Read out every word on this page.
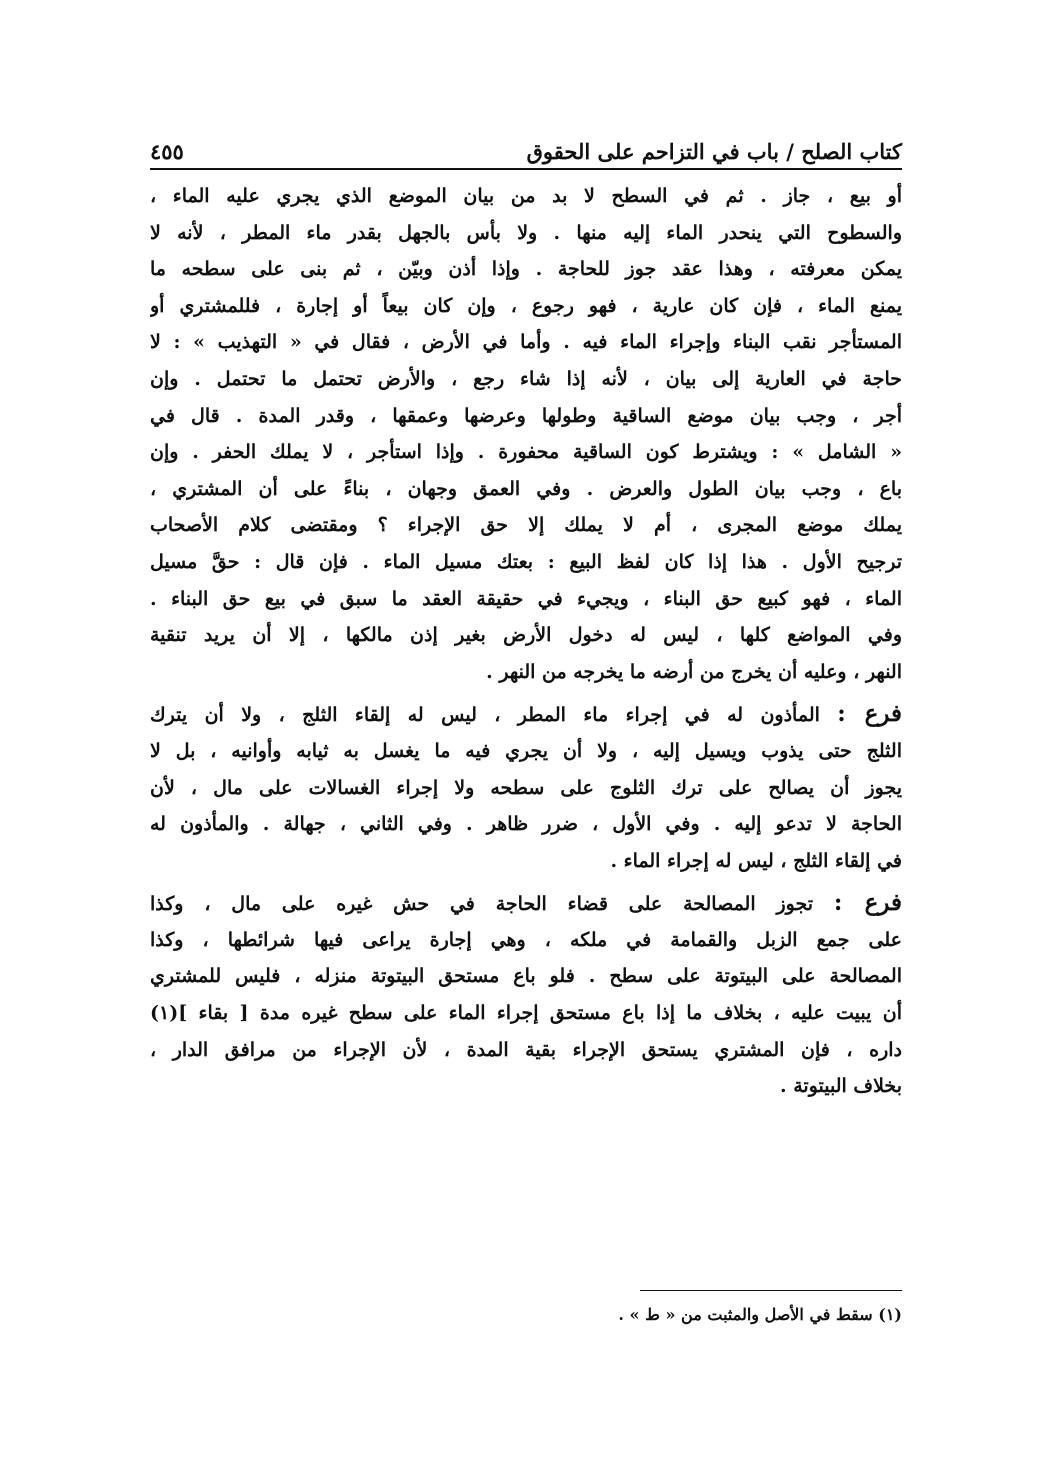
كتاب الصلح / باب في التزاحم على الحقوق
٤٥٥
أو بيع ، جاز . ثم في السطح لا بد من بيان الموضع الذي يجري عليه الماء ،
والسطوح التي ينحدر الماء إليه منها . ولا بأس بالجهل بقدر ماء المطر ، لأنه لا
يمكن معرفته ، وهذا عقد جوز للحاجة . وإذا أذن وبيّن ، ثم بنى على سطحه ما
يمنع الماء ، فإن كان عارية ، فهو رجوع ، وإن كان بيعاً أو إجارة ، فللمشتري أو
المستأجر نقب البناء وإجراء الماء فيه . وأما في الأرض ، فقال في « التهذيب » : لا
حاجة في العارية إلى بيان ، لأنه إذا شاء رجع ، والأرض تحتمل ما تحتمل . وإن
أجر ، وجب بيان موضع الساقية وطولها وعرضها وعمقها ، وقدر المدة . قال في
« الشامل » : ويشترط كون الساقية محفورة . وإذا استأجر ، لا يملك الحفر . وإن
باع ، وجب بيان الطول والعرض . وفي العمق وجهان ، بناءً على أن المشتري ،
يملك موضع المجرى ، أم لا يملك إلا حق الإجراء ؟ ومقتضى كلام الأصحاب
ترجيح الأول . هذا إذا كان لفظ البيع : بعتك مسيل الماء . فإن قال : حقَّ مسيل
الماء ، فهو كبيع حق البناء ، ويجيء في حقيقة العقد ما سبق في بيع حق البناء .
وفي المواضع كلها ، ليس له دخول الأرض بغير إذن مالكها ، إلا أن يريد تنقية
النهر ، وعليه أن يخرج من أرضه ما يخرجه من النهر .
فرع : المأذون له في إجراء ماء المطر ، ليس له إلقاء الثلج ، ولا أن يترك
الثلج حتى يذوب ويسيل إليه ، ولا أن يجري فيه ما يغسل به ثيابه وأوانيه ، بل لا
يجوز أن يصالح على ترك الثلوج على سطحه ولا إجراء الغسالات على مال ، لأن
الحاجة لا تدعو إليه . وفي الأول ، ضرر ظاهر . وفي الثاني ، جهالة . والمأذون له
في إلقاء الثلج ، ليس له إجراء الماء .
فرع : تجوز المصالحة على قضاء الحاجة في حش غيره على مال ، وكذا
على جمع الزبل والقمامة في ملكه ، وهي إجارة يراعى فيها شرائطها ، وكذا
المصالحة على البيتوتة على سطح . فلو باع مستحق البيتوتة منزله ، فليس للمشتري
أن يبيت عليه ، بخلاف ما إذا باع مستحق إجراء الماء على سطح غيره مدة [ بقاء ](١)
داره ، فإن المشتري يستحق الإجراء بقية المدة ، لأن الإجراء من مرافق الدار ،
بخلاف البيتوتة .
(١) سقط في الأصل والمثبت من « ط » .
